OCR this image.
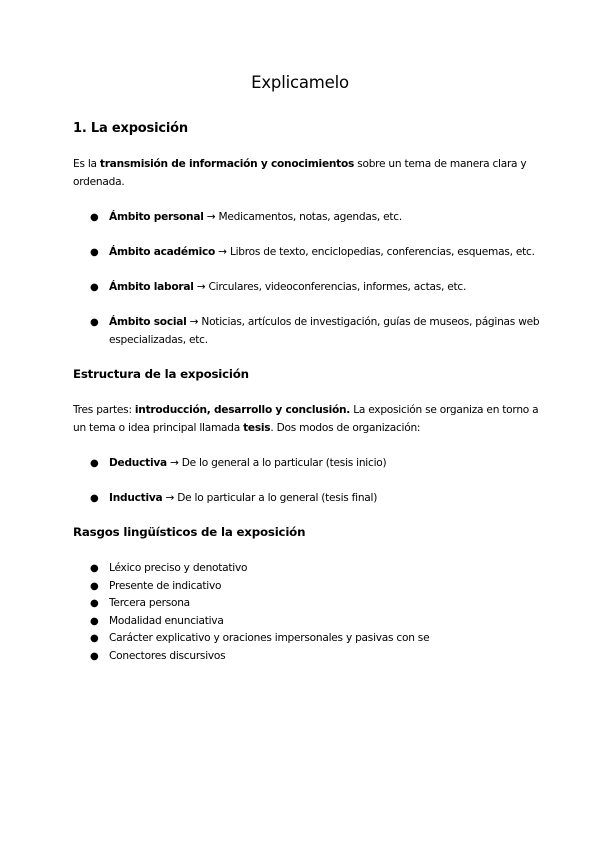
Explicamelo
1. La exposición

Es la transmisión de información y conocimientos sobre un tema de manera clara y ordenada.

● Ámbito personal → Medicamentos, notas, agendas, etc.
● Ámbito académico → Libros de texto, enciclopedias, conferencias, esquemas, etc.
● Ámbito laboral → Circulares, videoconferencias, informes, actas, etc.
● Ámbito social → Noticias, artículos de investigación, guías de museos, páginas web especializadas, etc.
Estructura de la exposición

Tres partes: introducción, desarrollo y conclusión. La exposición se organiza en torno a un tema o idea principal llamada tesis. Dos modos de organización:

● Deductiva → De lo general a lo particular (tesis inicio)
● Inductiva → De lo particular a lo general (tesis final)
Rasgos lingüísticos de la exposición
● Léxico preciso y denotativo
● Presente de indicativo
● Tercera persona
● Modalidad enunciativa
● Carácter explicativo y oraciones impersonales y pasivas con se
● Conectores discursivos
